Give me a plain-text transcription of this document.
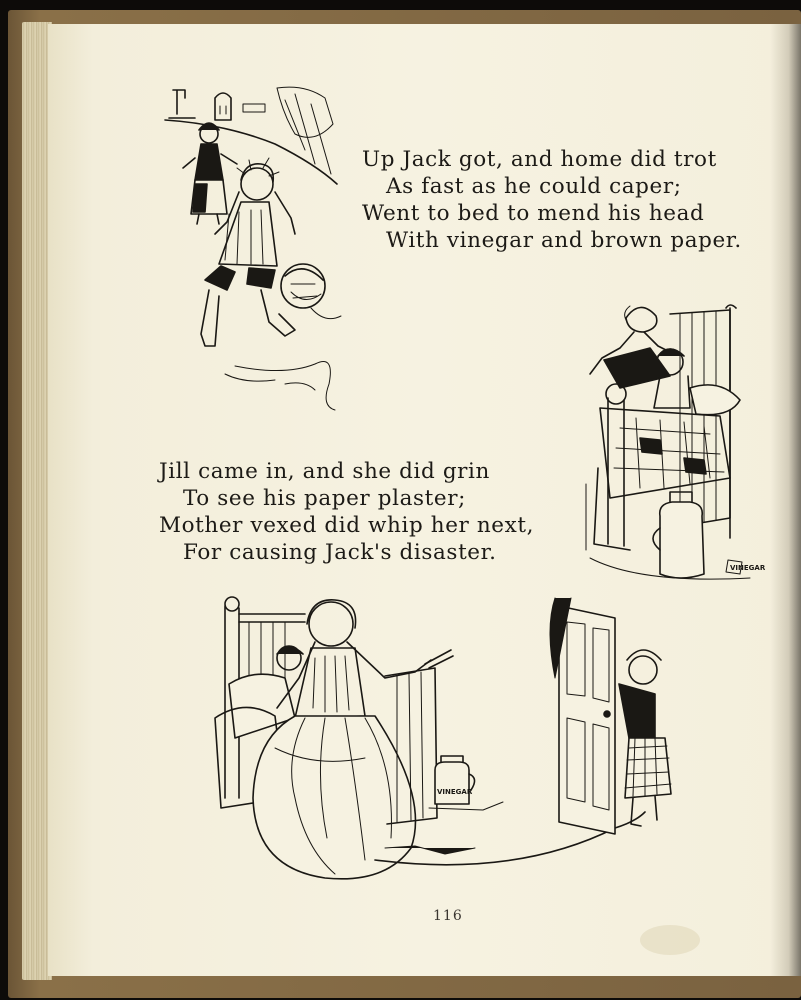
VINEGAR
VINEGAR
Up Jack got, and home did trot
As fast as he could caper;
Went to bed to mend his head
With vinegar and brown paper.
Jill came in, and she did grin
To see his paper plaster;
Mother vexed did whip her next,
For causing Jack's disaster.
116
